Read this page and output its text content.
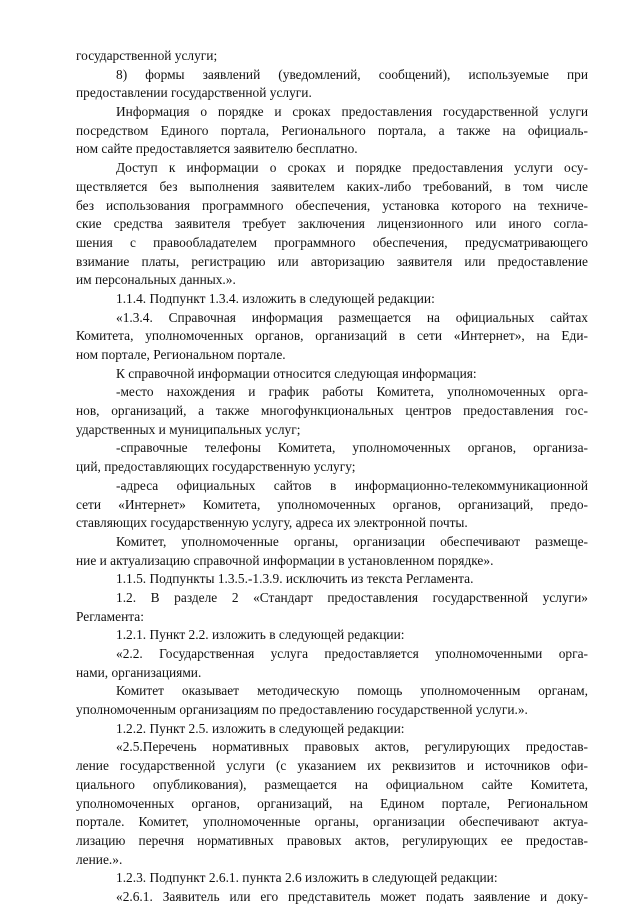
государственной услуги;
8) формы заявлений (уведомлений, сообщений), используемые при
предоставлении государственной услуги.
Информация о порядке и сроках предоставления государственной услуги
посредством Единого портала, Регионального портала, а также на официаль-
ном сайте предоставляется заявителю бесплатно.
Доступ к информации о сроках и порядке предоставления услуги осу-
ществляется без выполнения заявителем каких-либо требований, в том числе
без использования программного обеспечения, установка которого на техниче-
ские средства заявителя требует заключения лицензионного или иного согла-
шения с правообладателем программного обеспечения, предусматривающего
взимание платы, регистрацию или авторизацию заявителя или предоставление
им персональных данных.».
1.1.4. Подпункт 1.3.4. изложить в следующей редакции:
«1.3.4. Справочная информация размещается на официальных сайтах
Комитета, уполномоченных органов, организаций в сети «Интернет», на Еди-
ном портале, Региональном портале.
К справочной информации относится следующая информация:
-место нахождения и график работы Комитета, уполномоченных орга-
нов, организаций, а также многофункциональных центров предоставления гос-
ударственных и муниципальных услуг;
-справочные телефоны Комитета, уполномоченных органов, организа-
ций, предоставляющих государственную услугу;
-адреса официальных сайтов в информационно-телекоммуникационной
сети «Интернет» Комитета, уполномоченных органов, организаций, предо-
ставляющих государственную услугу, адреса их электронной почты.
Комитет, уполномоченные органы, организации обеспечивают размеще-
ние и актуализацию справочной информации в установленном порядке».
1.1.5. Подпункты 1.3.5.-1.3.9. исключить из текста Регламента.
1.2. В разделе 2 «Стандарт предоставления государственной услуги»
Регламента:
1.2.1. Пункт 2.2. изложить в следующей редакции:
«2.2. Государственная услуга предоставляется уполномоченными орга-
нами, организациями.
Комитет оказывает методическую помощь уполномоченным органам,
уполномоченным организациям по предоставлению государственной услуги.».
1.2.2. Пункт 2.5. изложить в следующей редакции:
«2.5.Перечень нормативных правовых актов, регулирующих предостав-
ление государственной услуги (с указанием их реквизитов и источников офи-
циального опубликования), размещается на официальном сайте Комитета,
уполномоченных органов, организаций, на Едином портале, Региональном
портале. Комитет, уполномоченные органы, организации обеспечивают актуа-
лизацию перечня нормативных правовых актов, регулирующих ее предостав-
ление.».
1.2.3. Подпункт 2.6.1. пункта 2.6 изложить в следующей редакции:
«2.6.1. Заявитель или его представитель может подать заявление и доку-
